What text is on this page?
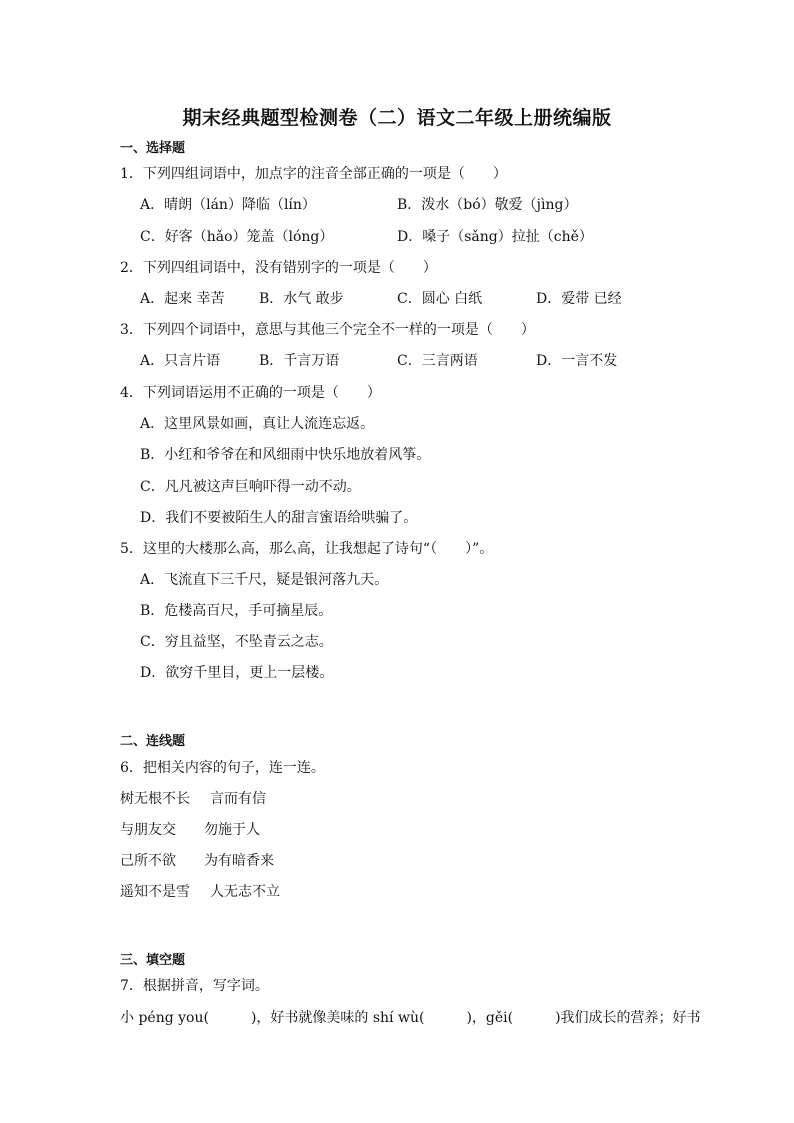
期末经典题型检测卷（二）语文二年级上册统编版
一、选择题
1．下列四组词语中，加点字的注音全部正确的一项是（　　）
A．晴朗（lán）降临（lín）	B．泼水（bó）敬爱（jìng）
C．好客（hǎo）笼盖（lóng）	D．嗓子（sǎng）拉扯（chě）
2．下列四组词语中，没有错别字的一项是（　　）
A．起来 幸苦 B．水气 敢步	C．圆心 白纸	D．爱带 已经
3．下列四个词语中，意思与其他三个完全不一样的一项是（　　）
A．只言片语	B．千言万语	C．三言两语	D．一言不发
4．下列词语运用不正确的一项是（　　）
A．这里风景如画，真让人流连忘返。
B．小红和爷爷在和风细雨中快乐地放着风筝。
C．凡凡被这声巨响吓得一动不动。
D．我们不要被陌生人的甜言蜜语给哄骗了。
5．这里的大楼那么高，那么高，让我想起了诗句“（　　）”。
A．飞流直下三千尺，疑是银河落九天。
B．危楼高百尺，手可摘星辰。
C．穷且益坚，不坠青云之志。
D．欲穷千里目，更上一层楼。
二、连线题
6．把相关内容的句子，连一连。
树无根不长 言而有信
与朋友交 勿施于人
己所不欲 为有暗香来
遥知不是雪 人无志不立
三、填空题
7．根据拼音，写字词。
小 péng you(　　　)，好书就像美味的 shí wù(　　　)，gěi(　　　)我们成长的营养；好书
